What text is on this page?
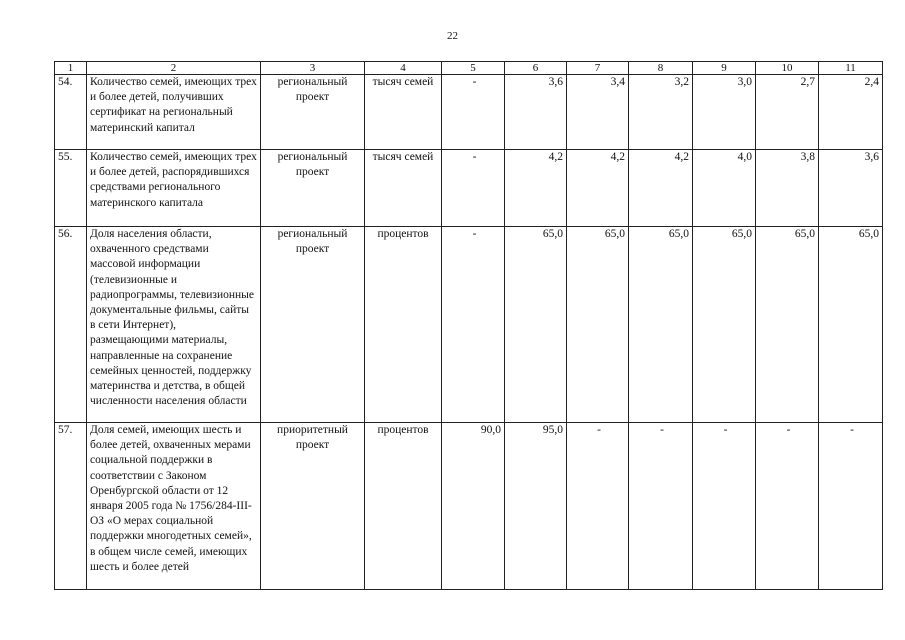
22
1	2	3	4	5	6	7	8	9	10	11
54.	Количество семей, имеющих трех и более детей, получивших сертификат на региональный материнский капитал	региональный проект	тысяч семей	-	3,6	3,4	3,2	3,0	2,7	2,4
55.	Количество семей, имеющих трех и более детей, распорядившихся средствами регионального материнского капитала	региональный проект	тысяч семей	-	4,2	4,2	4,2	4,0	3,8	3,6
56.	Доля населения области, охваченного средствами массовой информации (телевизионные и радиопрограммы, телевизионные документальные фильмы, сайты в сети Интернет), размещающими материалы, направленные на сохранение семейных ценностей, поддержку материнства и детства, в общей численности населения области	региональный проект	процентов	-	65,0	65,0	65,0	65,0	65,0	65,0
57.	Доля семей, имеющих шесть и более детей, охваченных мерами социальной поддержки в соответствии с Законом Оренбургской области от 12 января 2005 года № 1756/284-III-ОЗ «О мерах социальной поддержки многодетных семей», в общем числе семей, имеющих шесть и более детей	приоритетный проект	процентов	90,0	95,0	-	-	-	-	-
